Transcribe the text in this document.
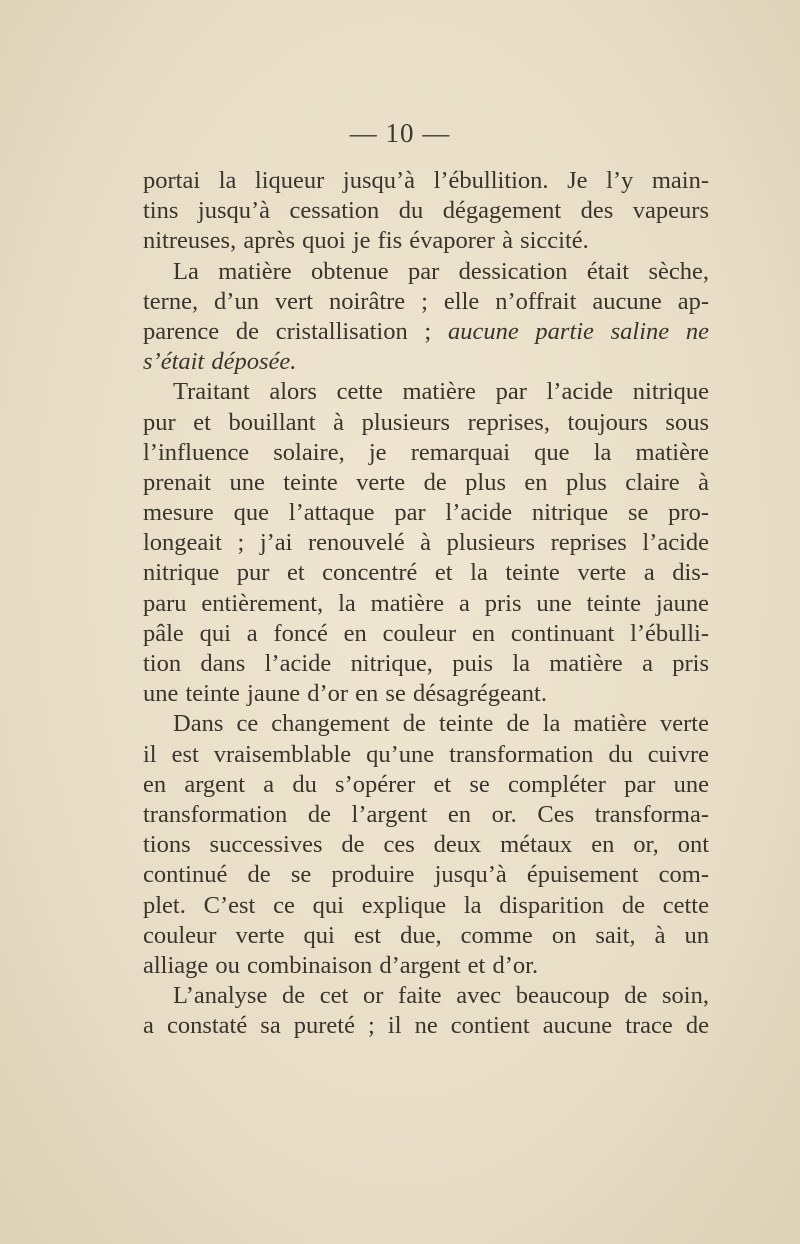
— 10 —
portai la liqueur jusqu’à l’ébullition. Je l’y main-
tins jusqu’à cessation du dégagement des vapeurs
nitreuses, après quoi je fis évaporer à siccité.
La matière obtenue par dessication était sèche,
terne, d’un vert noirâtre ; elle n’offrait aucune ap-
parence de cristallisation ; aucune partie saline ne
s’était déposée.
Traitant alors cette matière par l’acide nitrique
pur et bouillant à plusieurs reprises, toujours sous
l’influence solaire, je remarquai que la matière
prenait une teinte verte de plus en plus claire à
mesure que l’attaque par l’acide nitrique se pro-
longeait ; j’ai renouvelé à plusieurs reprises l’acide
nitrique pur et concentré et la teinte verte a dis-
paru entièrement, la matière a pris une teinte jaune
pâle qui a foncé en couleur en continuant l’ébulli-
tion dans l’acide nitrique, puis la matière a pris
une teinte jaune d’or en se désagrégeant.
Dans ce changement de teinte de la matière verte
il est vraisemblable qu’une transformation du cuivre
en argent a du s’opérer et se compléter par une
transformation de l’argent en or. Ces transforma-
tions successives de ces deux métaux en or, ont
continué de se produire jusqu’à épuisement com-
plet. C’est ce qui explique la disparition de cette
couleur verte qui est due, comme on sait, à un
alliage ou combinaison d’argent et d’or.
L’analyse de cet or faite avec beaucoup de soin,
a constaté sa pureté ; il ne contient aucune trace de
